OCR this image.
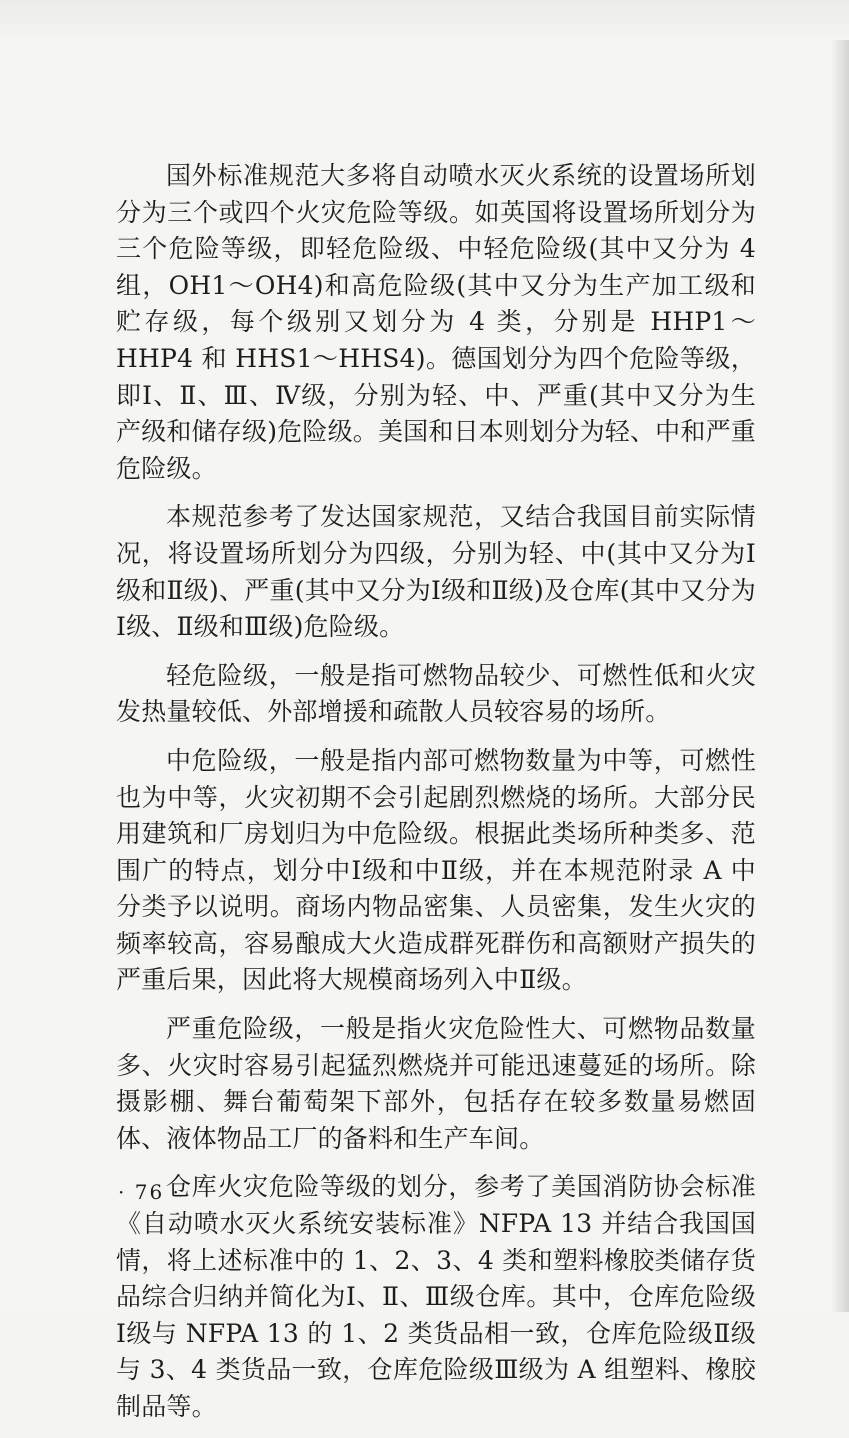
国外标准规范大多将自动喷水灭火系统的设置场所划分为三个或四个火灾危险等级。如英国将设置场所划分为三个危险等级，即轻危险级、中轻危险级(其中又分为 4 组，OH1～OH4)和高危险级(其中又分为生产加工级和贮存级，每个级别又划分为 4 类，分别是 HHP1～HHP4 和 HHS1～HHS4)。德国划分为四个危险等级，即Ⅰ、Ⅱ、Ⅲ、Ⅳ级，分别为轻、中、严重(其中又分为生产级和储存级)危险级。美国和日本则划分为轻、中和严重危险级。

本规范参考了发达国家规范，又结合我国目前实际情况，将设置场所划分为四级，分别为轻、中(其中又分为Ⅰ级和Ⅱ级)、严重(其中又分为Ⅰ级和Ⅱ级)及仓库(其中又分为Ⅰ级、Ⅱ级和Ⅲ级)危险级。

轻危险级，一般是指可燃物品较少、可燃性低和火灾发热量较低、外部增援和疏散人员较容易的场所。

中危险级，一般是指内部可燃物数量为中等，可燃性也为中等，火灾初期不会引起剧烈燃烧的场所。大部分民用建筑和厂房划归为中危险级。根据此类场所种类多、范围广的特点，划分中Ⅰ级和中Ⅱ级，并在本规范附录 A 中分类予以说明。商场内物品密集、人员密集，发生火灾的频率较高，容易酿成大火造成群死群伤和高额财产损失的严重后果，因此将大规模商场列入中Ⅱ级。

严重危险级，一般是指火灾危险性大、可燃物品数量多、火灾时容易引起猛烈燃烧并可能迅速蔓延的场所。除摄影棚、舞台葡萄架下部外，包括存在较多数量易燃固体、液体物品工厂的备料和生产车间。

仓库火灾危险等级的划分，参考了美国消防协会标准《自动喷水灭火系统安装标准》NFPA 13 并结合我国国情，将上述标准中的 1、2、3、4 类和塑料橡胶类储存货品综合归纳并简化为Ⅰ、Ⅱ、Ⅲ级仓库。其中，仓库危险级Ⅰ级与 NFPA 13 的 1、2 类货品相一致，仓库危险级Ⅱ级与 3、4 类货品一致，仓库危险级Ⅲ级为 A 组塑料、橡胶制品等。

· 76 ·
